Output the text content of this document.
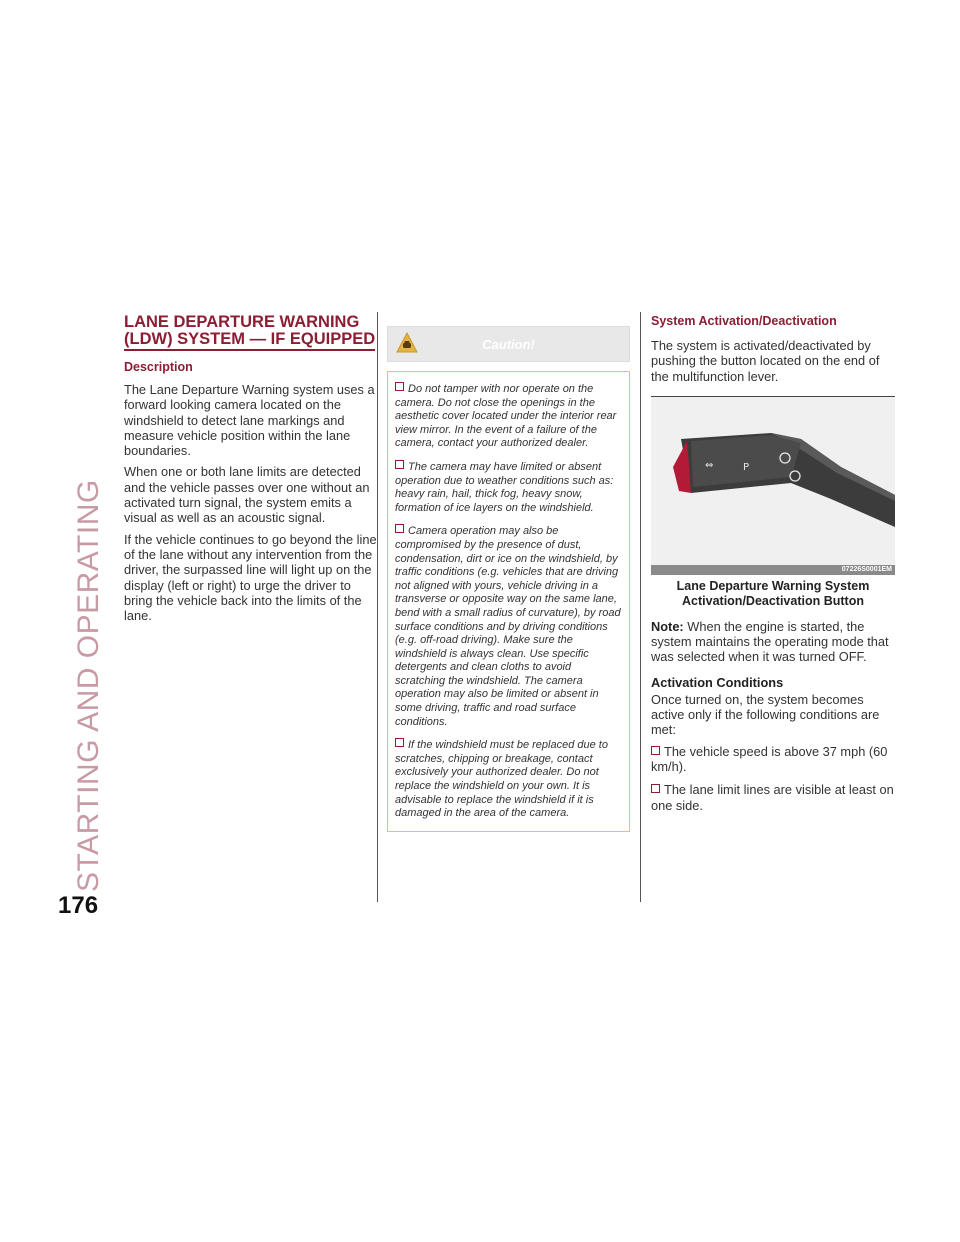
STARTING AND OPERATING
176
LANE DEPARTURE WARNING
(LDW) SYSTEM — IF EQUIPPED
Description

The Lane Departure Warning system uses a forward looking camera located on the windshield to detect lane markings and measure vehicle position within the lane boundaries.

When one or both lane limits are detected and the vehicle passes over one without an activated turn signal, the system emits a visual as well as an acoustic signal.

If the vehicle continues to go beyond the line of the lane without any intervention from the driver, the surpassed line will light up on the display (left or right) to urge the driver to bring the vehicle back into the limits of the lane.

Caution!

Do not tamper with nor operate on the camera. Do not close the openings in the aesthetic cover located under the interior rear view mirror. In the event of a failure of the camera, contact your authorized dealer.

The camera may have limited or absent operation due to weather conditions such as: heavy rain, hail, thick fog, heavy snow, formation of ice layers on the windshield.

Camera operation may also be compromised by the presence of dust, condensation, dirt or ice on the windshield, by traffic conditions (e.g. vehicles that are driving not aligned with yours, vehicle driving in a transverse or opposite way on the same lane, bend with a small radius of curvature), by road surface conditions and by driving conditions (e.g. off-road driving). Make sure the windshield is always clean. Use specific detergents and clean cloths to avoid scratching the windshield. The camera operation may also be limited or absent in some driving, traffic and road surface conditions.

If the windshield must be replaced due to scratches, chipping or breakage, contact exclusively your authorized dealer. Do not replace the windshield on your own. It is advisable to replace the windshield if it is damaged in the area of the camera.

System Activation/Deactivation

The system is activated/deactivated by pushing the button located on the end of the multifunction lever.

⇔	P
07226S0001EM
Lane Departure Warning System
Activation/Deactivation Button

Note: When the engine is started, the system maintains the operating mode that was selected when it was turned OFF.

Activation Conditions

Once turned on, the system becomes active only if the following conditions are met:

The vehicle speed is above 37 mph (60 km/h).
The lane limit lines are visible at least on one side.
